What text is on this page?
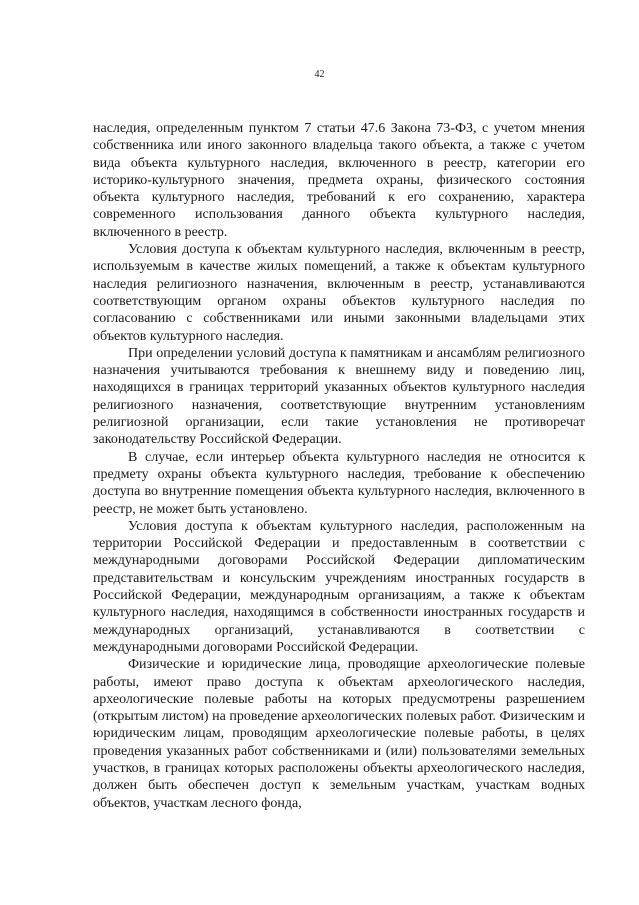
42

наследия, определенным пунктом 7 статьи 47.6 Закона 73-ФЗ, с учетом мнения собственника или иного законного владельца такого объекта, а также с учетом вида объекта культурного наследия, включенного в реестр, категории его историко-культурного значения, предмета охраны, физического состояния объекта культурного наследия, требований к его сохранению, характера современного использования данного объекта культурного наследия, включенного в реестр.

Условия доступа к объектам культурного наследия, включенным в реестр, используемым в качестве жилых помещений, а также к объектам культурного наследия религиозного назначения, включенным в реестр, устанавливаются соответствующим органом охраны объектов культурного наследия по согласованию с собственниками или иными законными владельцами этих объектов культурного наследия.

При определении условий доступа к памятникам и ансамблям религиозного назначения учитываются требования к внешнему виду и поведению лиц, находящихся в границах территорий указанных объектов культурного наследия религиозного назначения, соответствующие внутренним установлениям религиозной организации, если такие установления не противоречат законодательству Российской Федерации.

В случае, если интерьер объекта культурного наследия не относится к предмету охраны объекта культурного наследия, требование к обеспечению доступа во внутренние помещения объекта культурного наследия, включенного в реестр, не может быть установлено.

Условия доступа к объектам культурного наследия, расположенным на территории Российской Федерации и предоставленным в соответствии с международными договорами Российской Федерации дипломатическим представительствам и консульским учреждениям иностранных государств в Российской Федерации, международным организациям, а также к объектам культурного наследия, находящимся в собственности иностранных государств и международных организаций, устанавливаются в соответствии с международными договорами Российской Федерации.

Физические и юридические лица, проводящие археологические полевые работы, имеют право доступа к объектам археологического наследия, археологические полевые работы на которых предусмотрены разрешением (открытым листом) на проведение археологических полевых работ. Физическим и юридическим лицам, проводящим археологические полевые работы, в целях проведения указанных работ собственниками и (или) пользователями земельных участков, в границах которых расположены объекты археологического наследия, должен быть обеспечен доступ к земельным участкам, участкам водных объектов, участкам лесного фонда,
